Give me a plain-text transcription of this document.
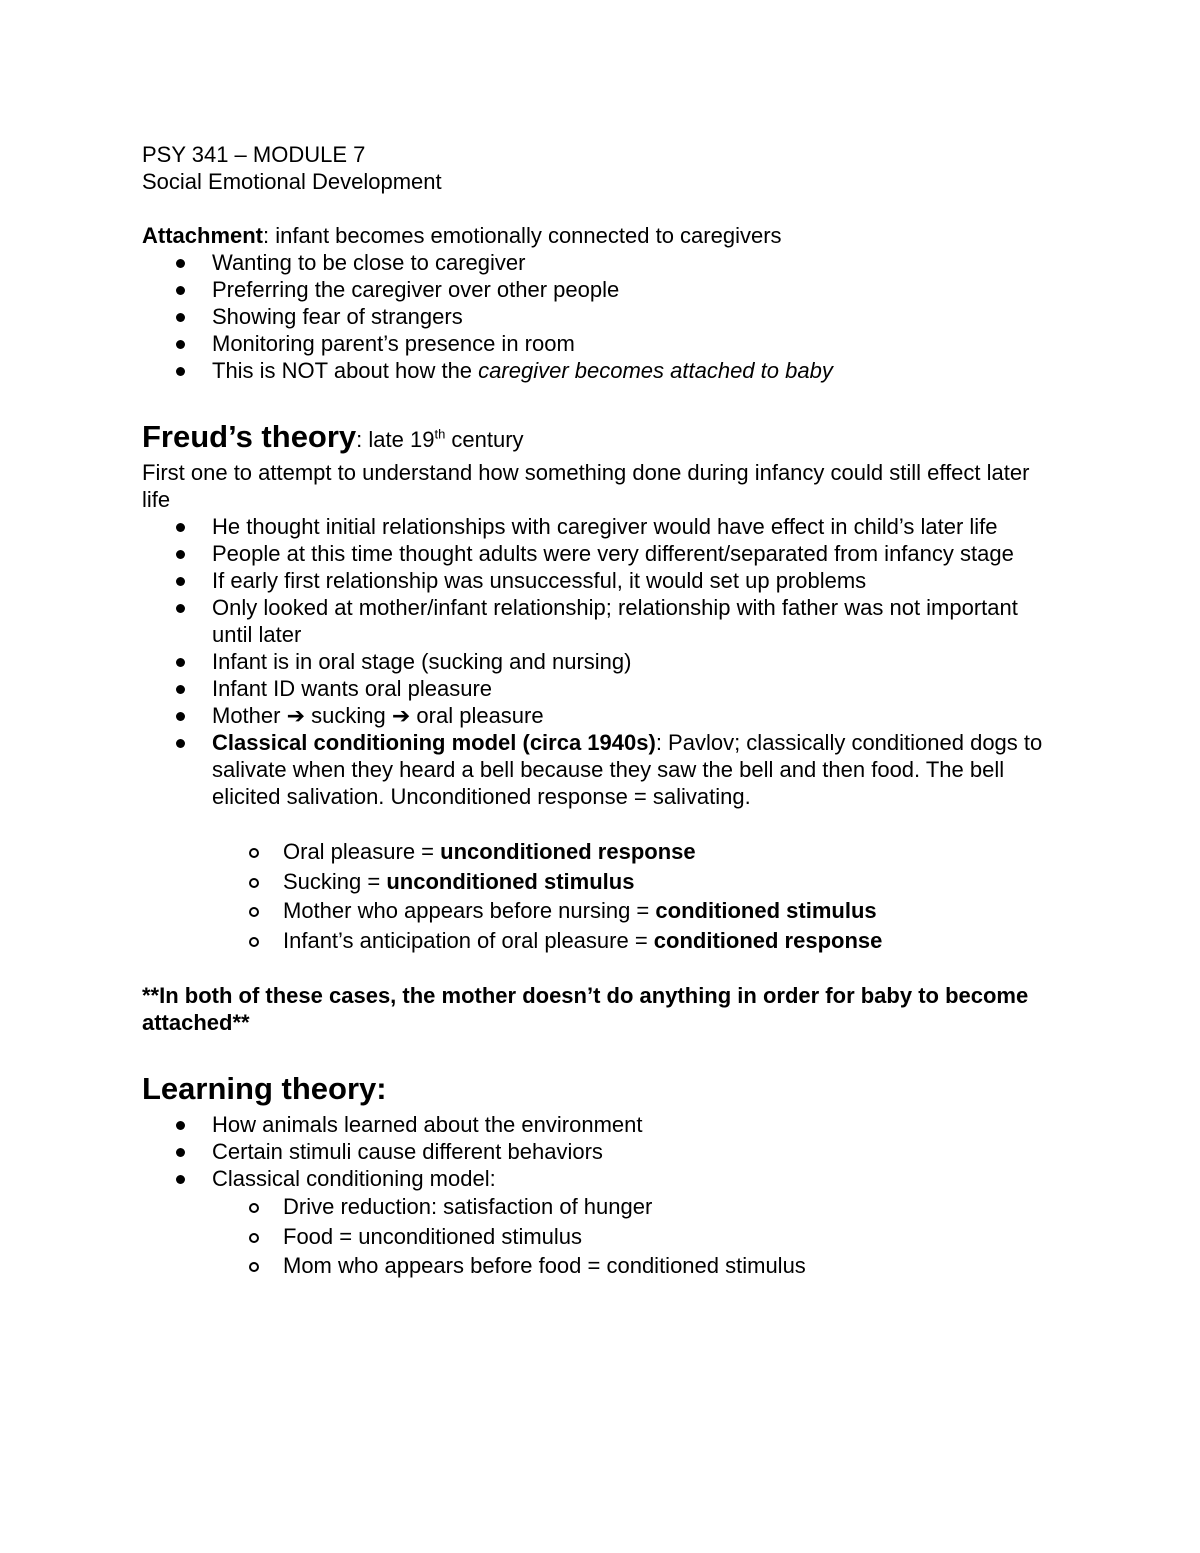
PSY 341 – MODULE 7

Social Emotional Development

Attachment: infant becomes emotionally connected to caregivers

Wanting to be close to caregiver
Preferring the caregiver over other people
Showing fear of strangers
Monitoring parent’s presence in room
This is NOT about how the caregiver becomes attached to baby

Freud’s theory: late 19th century

First one to attempt to understand how something done during infancy could still effect later life

He thought initial relationships with caregiver would have effect in child’s later life
People at this time thought adults were very different/separated from infancy stage
If early first relationship was unsuccessful, it would set up problems
Only looked at mother/infant relationship; relationship with father was not important until later
Infant is in oral stage (sucking and nursing)
Infant ID wants oral pleasure
Mother ➔ sucking ➔ oral pleasure
Classical conditioning model (circa 1940s): Pavlov; classically conditioned dogs to salivate when they heard a bell because they saw the bell and then food. The bell elicited salivation. Unconditioned response = salivating.
Oral pleasure = unconditioned response
Sucking = unconditioned stimulus
Mother who appears before nursing = conditioned stimulus
Infant’s anticipation of oral pleasure = conditioned response

**In both of these cases, the mother doesn’t do anything in order for baby to become attached**

Learning theory:

How animals learned about the environment
Certain stimuli cause different behaviors
Classical conditioning model:
Drive reduction: satisfaction of hunger
Food = unconditioned stimulus
Mom who appears before food = conditioned stimulus
